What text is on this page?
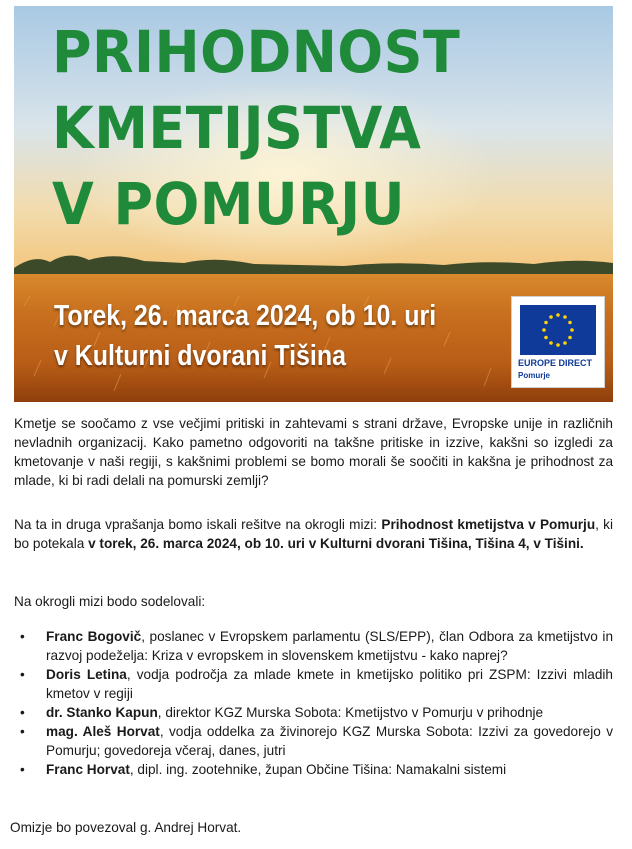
PRIHODNOST
KMETIJSTVA
V POMURJU
Torek, 26. marca 2024, ob 10. uri
v Kulturni dvorani Tišina	EUROPE DIRECT
Pomurje

Kmetje se soočamo z vse večjimi pritiski in zahtevami s strani države, Evropske unije in različnih nevladnih organizacij. Kako pametno odgovoriti na takšne pritiske in izzive, kakšni so izgledi za kmetovanje v naši regiji, s kakšnimi problemi se bomo morali še soočiti in kakšna je prihodnost za mlade, ki bi radi delali na pomurski zemlji?

Na ta in druga vprašanja bomo iskali rešitve na okrogli mizi: Prihodnost kmetijstva v Pomurju, ki bo potekala v torek, 26. marca 2024, ob 10. uri v Kulturni dvorani Tišina, Tišina 4, v Tišini.

Na okrogli mizi bodo sodelovali:

• Franc Bogovič, poslanec v Evropskem parlamentu (SLS/EPP), član Odbora za kmetijstvo in razvoj podeželja: Kriza v evropskem in slovenskem kmetijstvu - kako naprej?
• Doris Letina, vodja področja za mlade kmete in kmetijsko politiko pri ZSPM: Izzivi mladih kmetov v regiji
• dr. Stanko Kapun, direktor KGZ Murska Sobota: Kmetijstvo v Pomurju v prihodnje
• mag. Aleš Horvat, vodja oddelka za živinorejo KGZ Murska Sobota: Izzivi za govedorejo v Pomurju; govedoreja včeraj, danes, jutri
• Franc Horvat, dipl. ing. zootehnike, župan Občine Tišina: Namakalni sistemi

Omizje bo povezoval g. Andrej Horvat.
